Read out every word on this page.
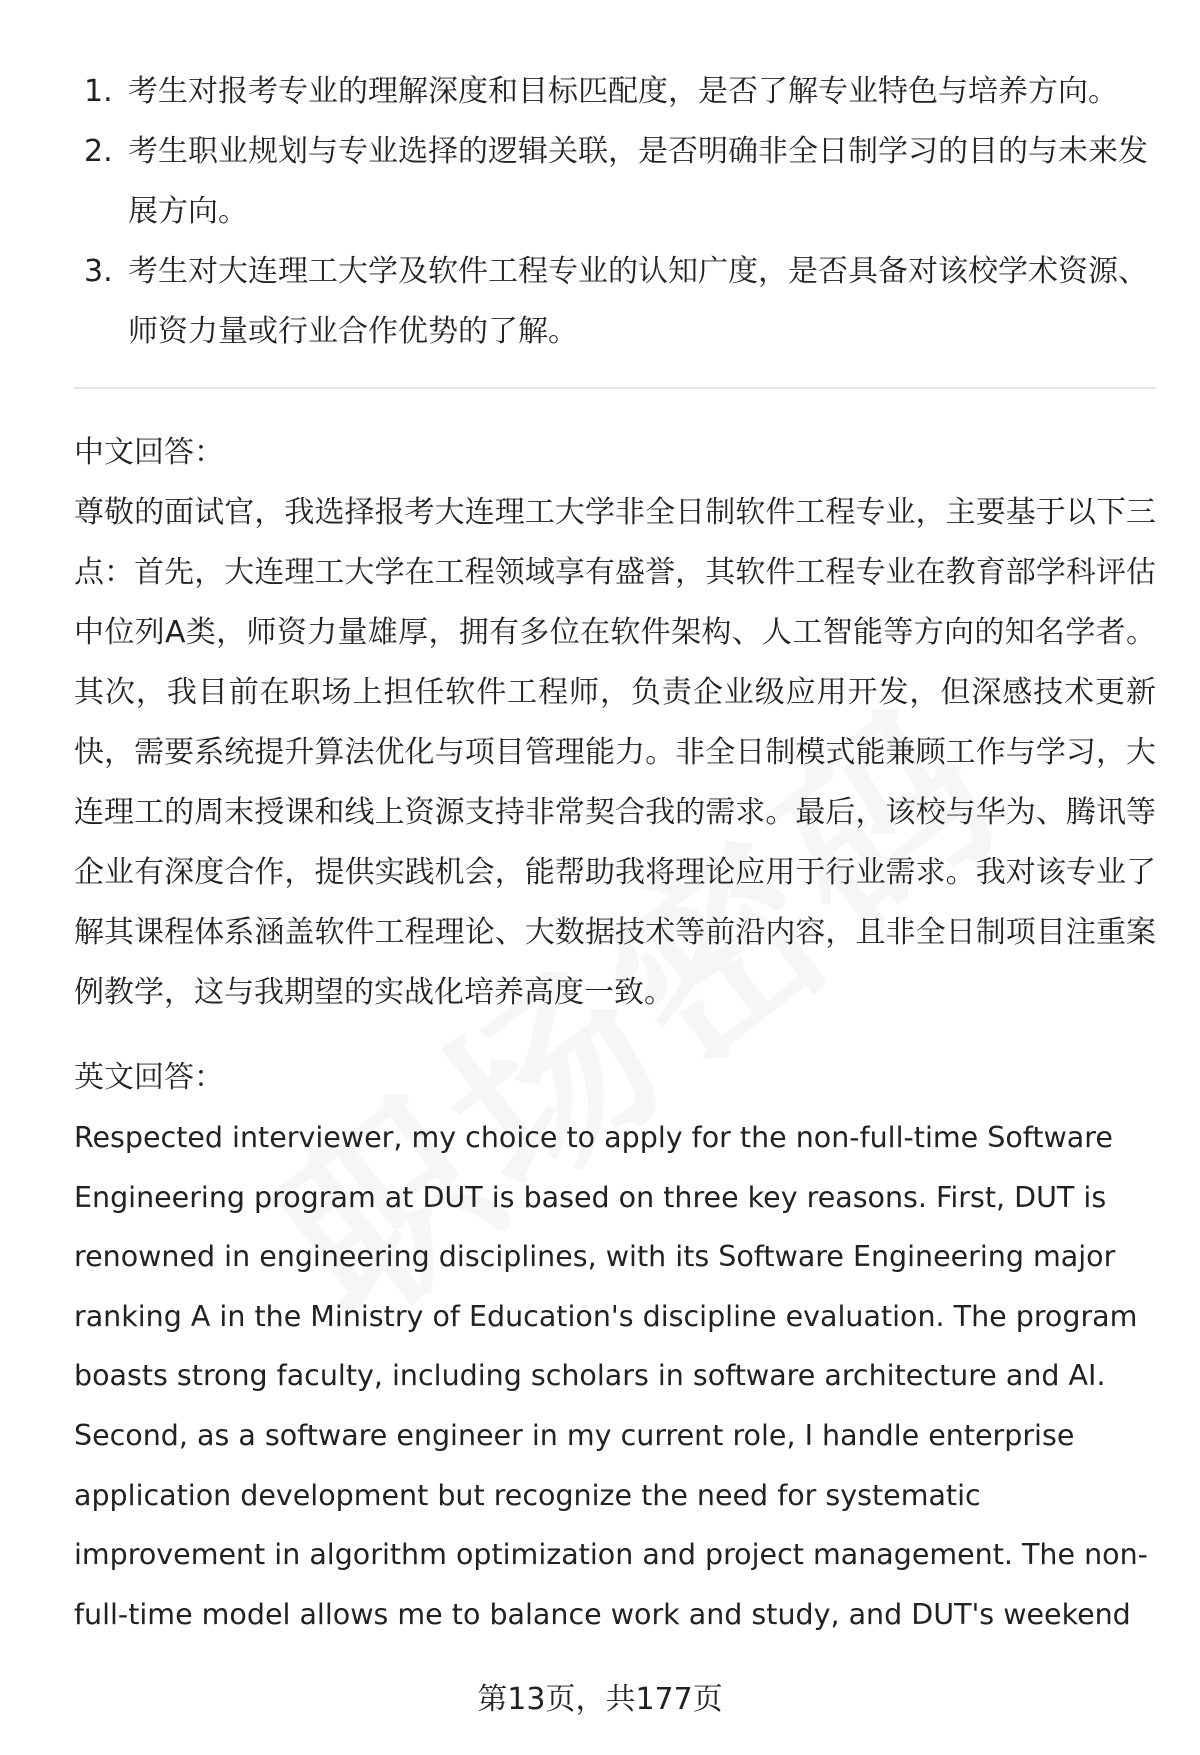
1. 考生对报考专业的理解深度和目标匹配度，是否了解专业特色与培养方向。
2. 考生职业规划与专业选择的逻辑关联，是否明确非全日制学习的目的与未来发展方向。
3. 考生对大连理工大学及软件工程专业的认知广度，是否具备对该校学术资源、师资力量或行业合作优势的了解。
中文回答：

尊敬的面试官，我选择报考大连理工大学非全日制软件工程专业，主要基于以下三点：首先，大连理工大学在工程领域享有盛誉，其软件工程专业在教育部学科评估中位列A类，师资力量雄厚，拥有多位在软件架构、人工智能等方向的知名学者。其次，我目前在职场上担任软件工程师，负责企业级应用开发，但深感技术更新快，需要系统提升算法优化与项目管理能力。非全日制模式能兼顾工作与学习，大连理工的周末授课和线上资源支持非常契合我的需求。最后，该校与华为、腾讯等企业有深度合作，提供实践机会，能帮助我将理论应用于行业需求。我对该专业了解其课程体系涵盖软件工程理论、大数据技术等前沿内容，且非全日制项目注重案例教学，这与我期望的实战化培养高度一致。

英文回答：

Respected interviewer, my choice to apply for the non-full-time Software Engineering program at DUT is based on three key reasons. First, DUT is renowned in engineering disciplines, with its Software Engineering major ranking A in the Ministry of Education's discipline evaluation. The program boasts strong faculty, including scholars in software architecture and AI. Second, as a software engineer in my current role, I handle enterprise application development but recognize the need for systematic improvement in algorithm optimization and project management. The non-full-time model allows me to balance work and study, and DUT's weekend

第13页，共177页
